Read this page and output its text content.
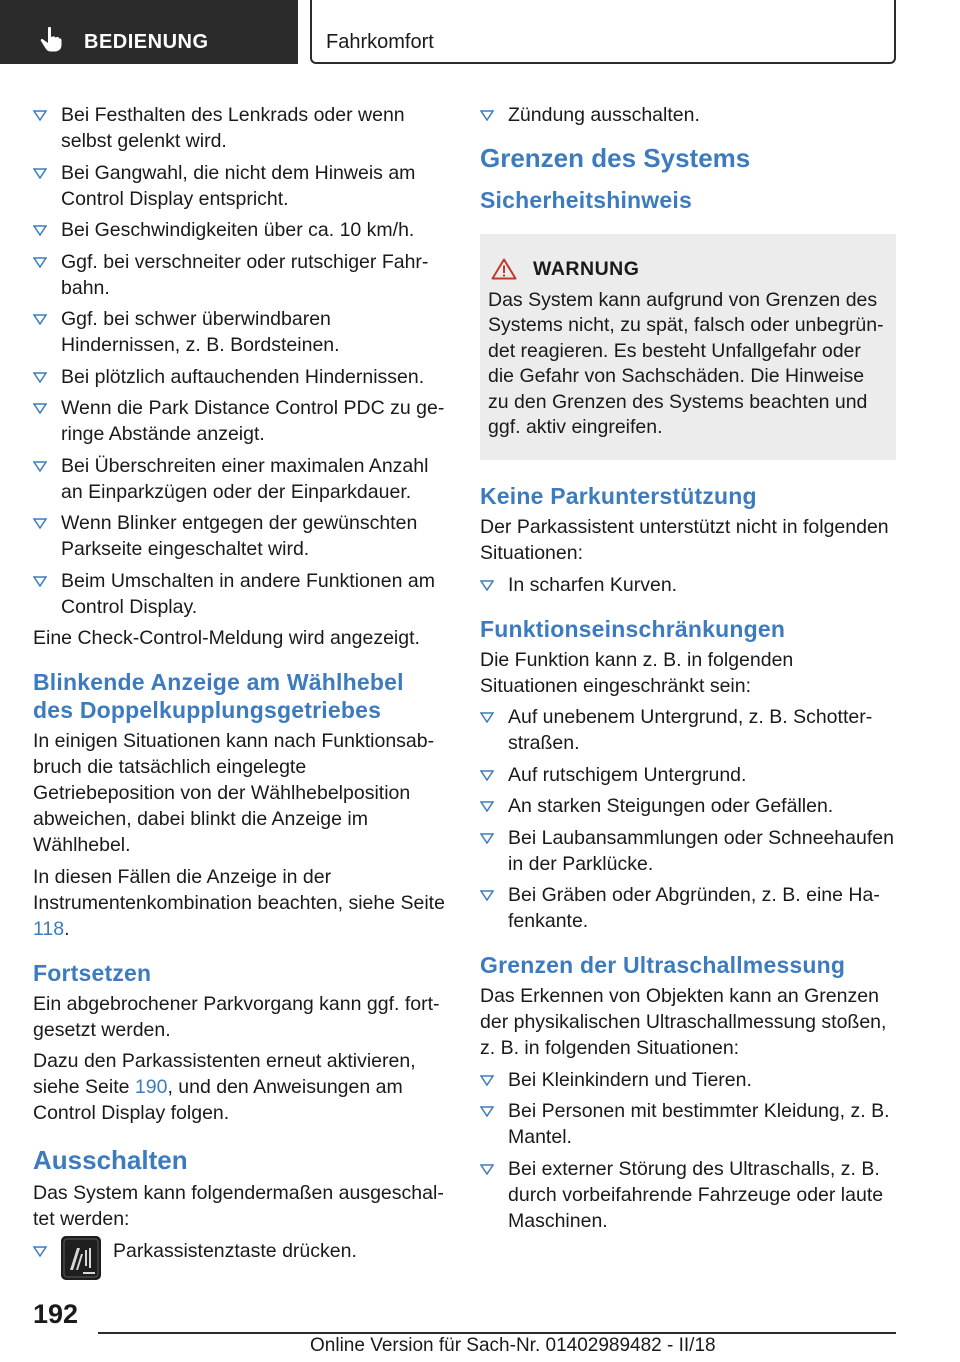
BEDIENUNG	Fahrkomfort
Bei Festhalten des Lenkrads oder wenn selbst gelenkt wird.
Bei Gangwahl, die nicht dem Hinweis am Control Display entspricht.
Bei Geschwindigkeiten über ca. 10 km/h.
Ggf. bei verschneiter oder rutschiger Fahrbahn.
Ggf. bei schwer überwindbaren Hindernissen, z. B. Bordsteinen.
Bei plötzlich auftauchenden Hindernissen.
Wenn die Park Distance Control PDC zu geringe Abstände anzeigt.
Bei Überschreiten einer maximalen Anzahl an Einparkzügen oder der Einparkdauer.
Wenn Blinker entgegen der gewünschten Parkseite eingeschaltet wird.
Beim Umschalten in andere Funktionen am Control Display.
Eine Check-Control-Meldung wird angezeigt.
Blinkende Anzeige am Wählhebel des Doppelkupplungsgetriebes
In einigen Situationen kann nach Funktionsabbruch die tatsächlich eingelegte Getriebeposition von der Wählhebelposition abweichen, dabei blinkt die Anzeige im Wählhebel.
In diesen Fällen die Anzeige in der Instrumentenkombination beachten, siehe Seite 118.
Fortsetzen
Ein abgebrochener Parkvorgang kann ggf. fortgesetzt werden.
Dazu den Parkassistenten erneut aktivieren, siehe Seite 190, und den Anweisungen am Control Display folgen.
Ausschalten
Das System kann folgendermaßen ausgeschaltet werden:
Parkassistenztaste drücken.
Zündung ausschalten.
Grenzen des Systems
Sicherheitshinweis
WARNUNG
Das System kann aufgrund von Grenzen des Systems nicht, zu spät, falsch oder unbegründet reagieren. Es besteht Unfallgefahr oder die Gefahr von Sachschäden. Die Hinweise zu den Grenzen des Systems beachten und ggf. aktiv eingreifen.
Keine Parkunterstützung
Der Parkassistent unterstützt nicht in folgenden Situationen:
In scharfen Kurven.
Funktionseinschränkungen
Die Funktion kann z. B. in folgenden Situationen eingeschränkt sein:
Auf unebenem Untergrund, z. B. Schotterstraßen.
Auf rutschigem Untergrund.
An starken Steigungen oder Gefällen.
Bei Laubansammlungen oder Schneehaufen in der Parklücke.
Bei Gräben oder Abgründen, z. B. eine Hafenkante.
Grenzen der Ultraschallmessung
Das Erkennen von Objekten kann an Grenzen der physikalischen Ultraschallmessung stoßen, z. B. in folgenden Situationen:
Bei Kleinkindern und Tieren.
Bei Personen mit bestimmter Kleidung, z. B. Mantel.
Bei externer Störung des Ultraschalls, z. B. durch vorbeifahrende Fahrzeuge oder laute Maschinen.
192
Online Version für Sach-Nr. 01402989482 - II/18
